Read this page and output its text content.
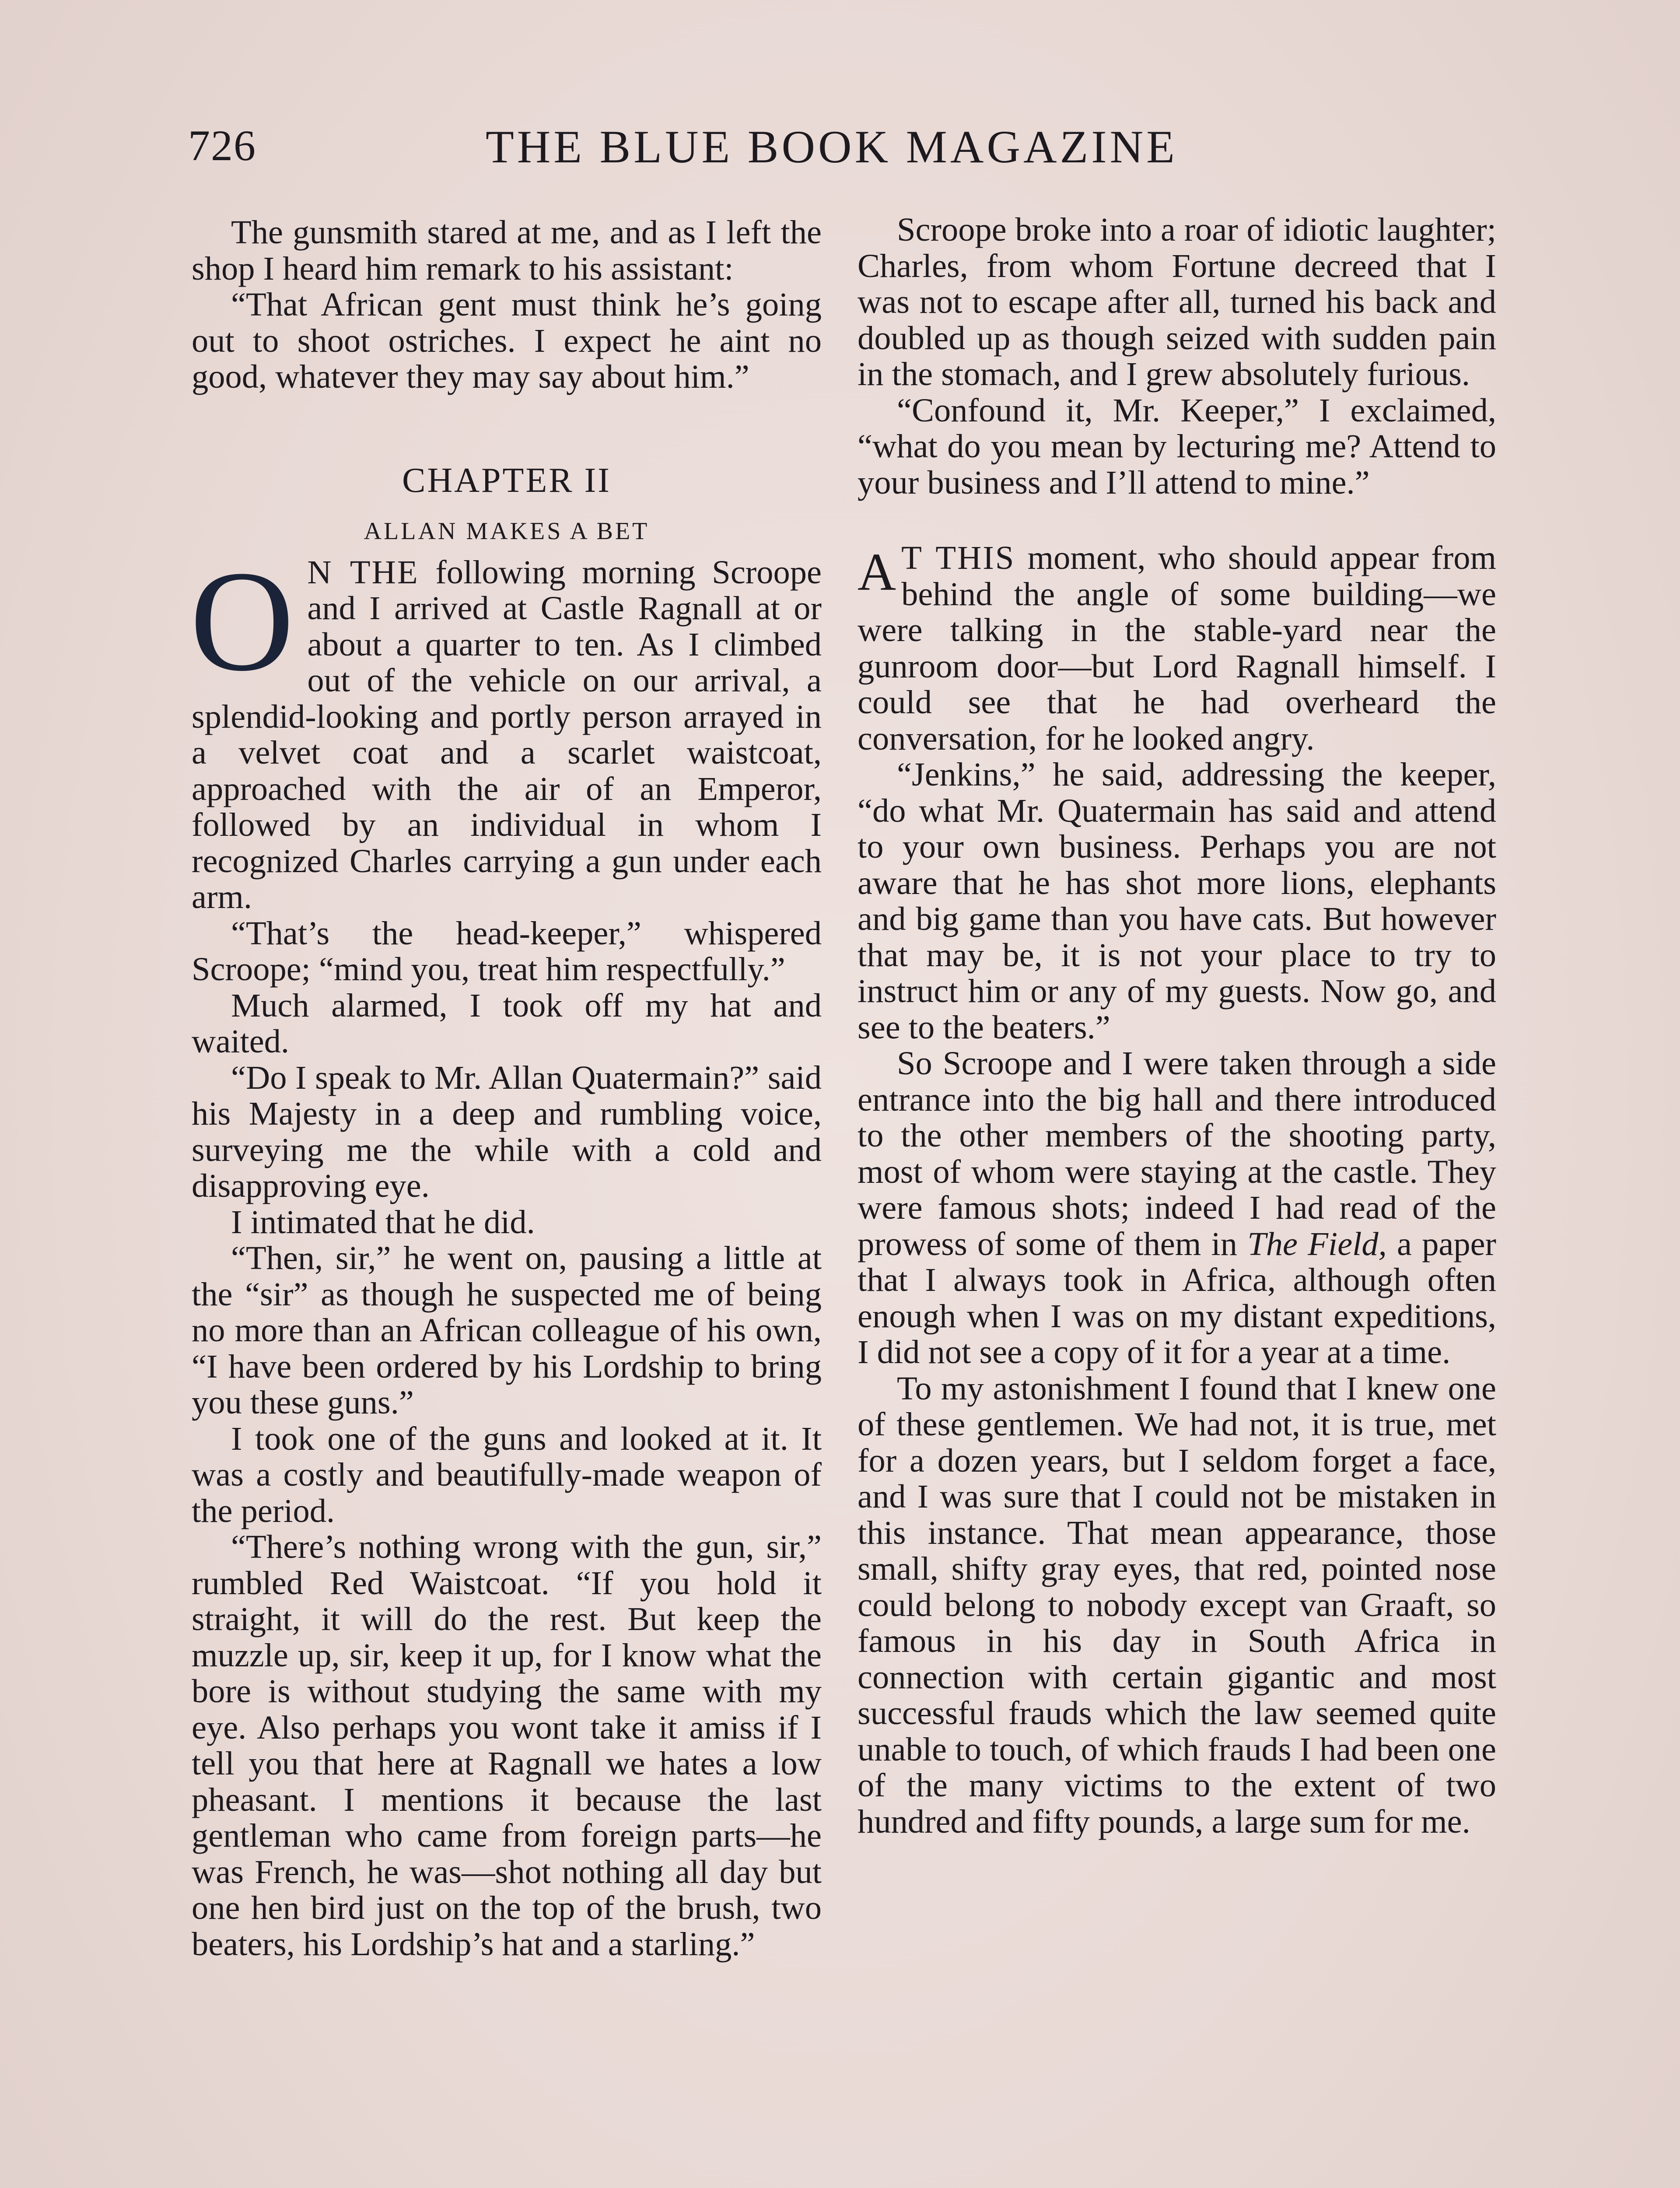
726	THE BLUE BOOK MAGAZINE

The gunsmith stared at me, and as I left the shop I heard him remark to his assistant:

“That African gent must think he’s going out to shoot ostriches. I expect he aint no good, whatever they may say about him.”

CHAPTER II
ALLAN MAKES A BET

O N THE following morning Scroope and I arrived at Castle Ragnall at or about a quarter to ten. As I climbed out of the vehicle on our arrival, a splendid-looking and portly person arrayed in a velvet coat and a scarlet waistcoat, approached with the air of an Emperor, followed by an individual in whom I recognized Charles carrying a gun under each arm.

“That’s the head-keeper,” whispered Scroope; “mind you, treat him respectfully.”

Much alarmed, I took off my hat and waited.

“Do I speak to Mr. Allan Quatermain?” said his Majesty in a deep and rumbling voice, surveying me the while with a cold and disapproving eye.

I intimated that he did.

“Then, sir,” he went on, pausing a little at the “sir” as though he suspected me of being no more than an African colleague of his own, “I have been ordered by his Lordship to bring you these guns.”

I took one of the guns and looked at it. It was a costly and beautifully-made weapon of the period.

“There’s nothing wrong with the gun, sir,” rumbled Red Waistcoat. “If you hold it straight, it will do the rest. But keep the muzzle up, sir, keep it up, for I know what the bore is without studying the same with my eye. Also perhaps you wont take it amiss if I tell you that here at Ragnall we hates a low pheasant. I mentions it because the last gentleman who came from foreign parts—he was French, he was—shot nothing all day but one hen bird just on the top of the brush, two beaters, his Lordship’s hat and a starling.”

Scroope broke into a roar of idiotic laughter; Charles, from whom Fortune decreed that I was not to escape after all, turned his back and doubled up as though seized with sudden pain in the stomach, and I grew absolutely furious.

“Confound it, Mr. Keeper,” I exclaimed, “what do you mean by lecturing me? Attend to your business and I’ll attend to mine.”

A T THIS moment, who should appear from behind the angle of some building—we were talking in the stable-yard near the gunroom door—but Lord Ragnall himself. I could see that he had overheard the conversation, for he looked angry.

“Jenkins,” he said, addressing the keeper, “do what Mr. Quatermain has said and attend to your own business. Perhaps you are not aware that he has shot more lions, elephants and big game than you have cats. But however that may be, it is not your place to try to instruct him or any of my guests. Now go, and see to the beaters.”

So Scroope and I were taken through a side entrance into the big hall and there introduced to the other members of the shooting party, most of whom were staying at the castle. They were famous shots; indeed I had read of the prowess of some of them in The Field, a paper that I always took in Africa, although often enough when I was on my distant expeditions, I did not see a copy of it for a year at a time.

To my astonishment I found that I knew one of these gentlemen. We had not, it is true, met for a dozen years, but I seldom forget a face, and I was sure that I could not be mistaken in this instance. That mean appearance, those small, shifty gray eyes, that red, pointed nose could belong to nobody except van Graaft, so famous in his day in South Africa in connection with certain gigantic and most successful frauds which the law seemed quite unable to touch, of which frauds I had been one of the many victims to the extent of two hundred and fifty pounds, a large sum for me.
